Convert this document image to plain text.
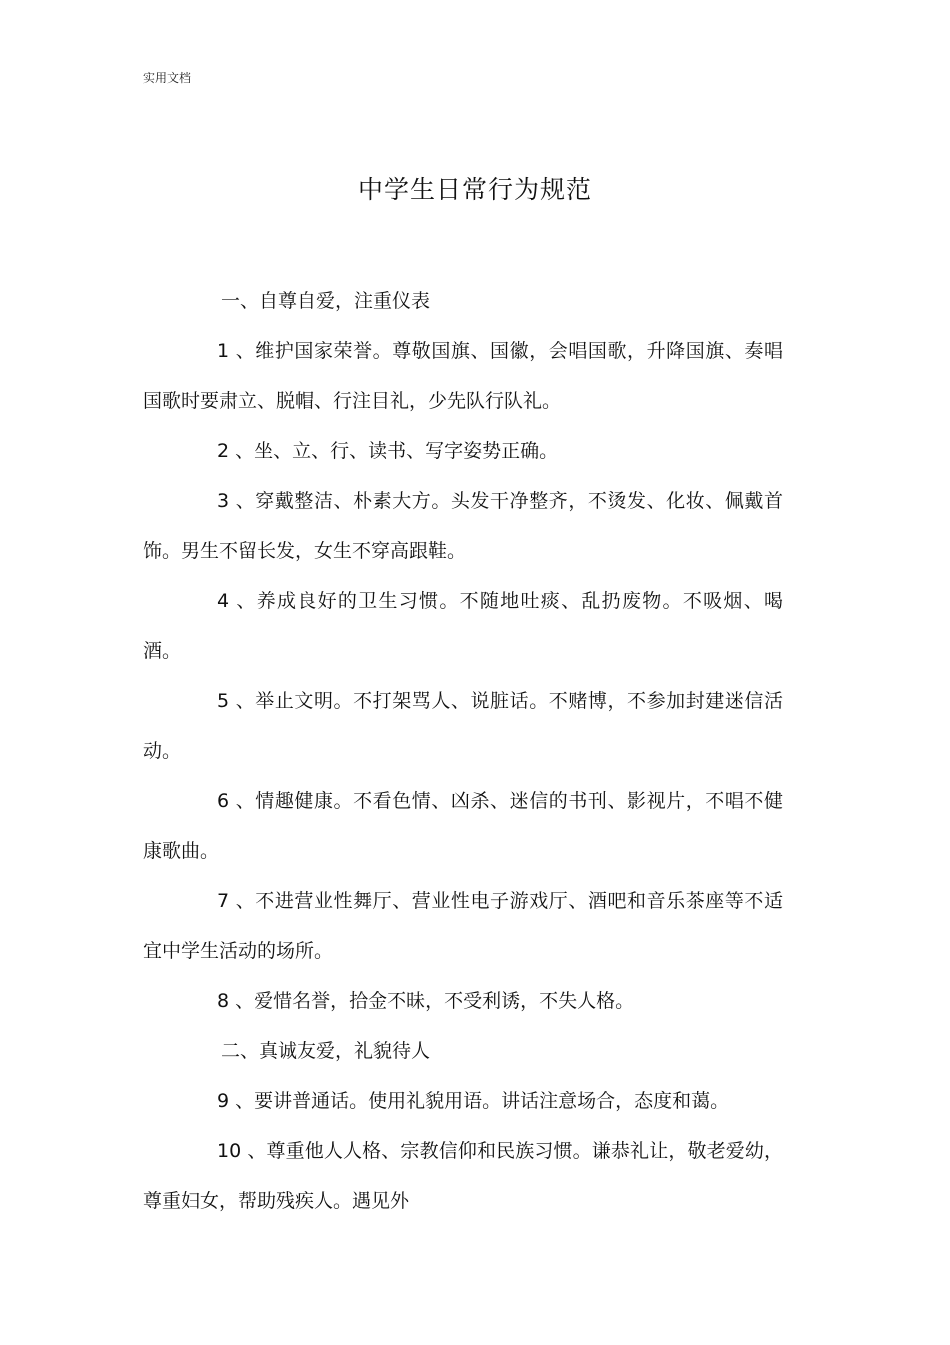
实用文档
中学生日常行为规范

一、自尊自爱，注重仪表

1 、维护国家荣誉。尊敬国旗、国徽，会唱国歌，升降国旗、奏唱国歌时要肃立、脱帽、行注目礼，少先队行队礼。

2 、坐、立、行、读书、写字姿势正确。

3 、穿戴整洁、朴素大方。头发干净整齐，不烫发、化妆、佩戴首饰。男生不留长发，女生不穿高跟鞋。

4 、养成良好的卫生习惯。不随地吐痰、乱扔废物。不吸烟、喝酒。

5 、举止文明。不打架骂人、说脏话。不赌博，不参加封建迷信活动。

6 、情趣健康。不看色情、凶杀、迷信的书刊、影视片，不唱不健康歌曲。

7 、不进营业性舞厅、营业性电子游戏厅、酒吧和音乐茶座等不适宜中学生活动的场所。

8 、爱惜名誉，拾金不昧，不受利诱，不失人格。

二、真诚友爱，礼貌待人

9 、要讲普通话。使用礼貌用语。讲话注意场合，态度和蔼。

10 、尊重他人人格、宗教信仰和民族习惯。谦恭礼让，敬老爱幼，尊重妇女，帮助残疾人。遇见外
